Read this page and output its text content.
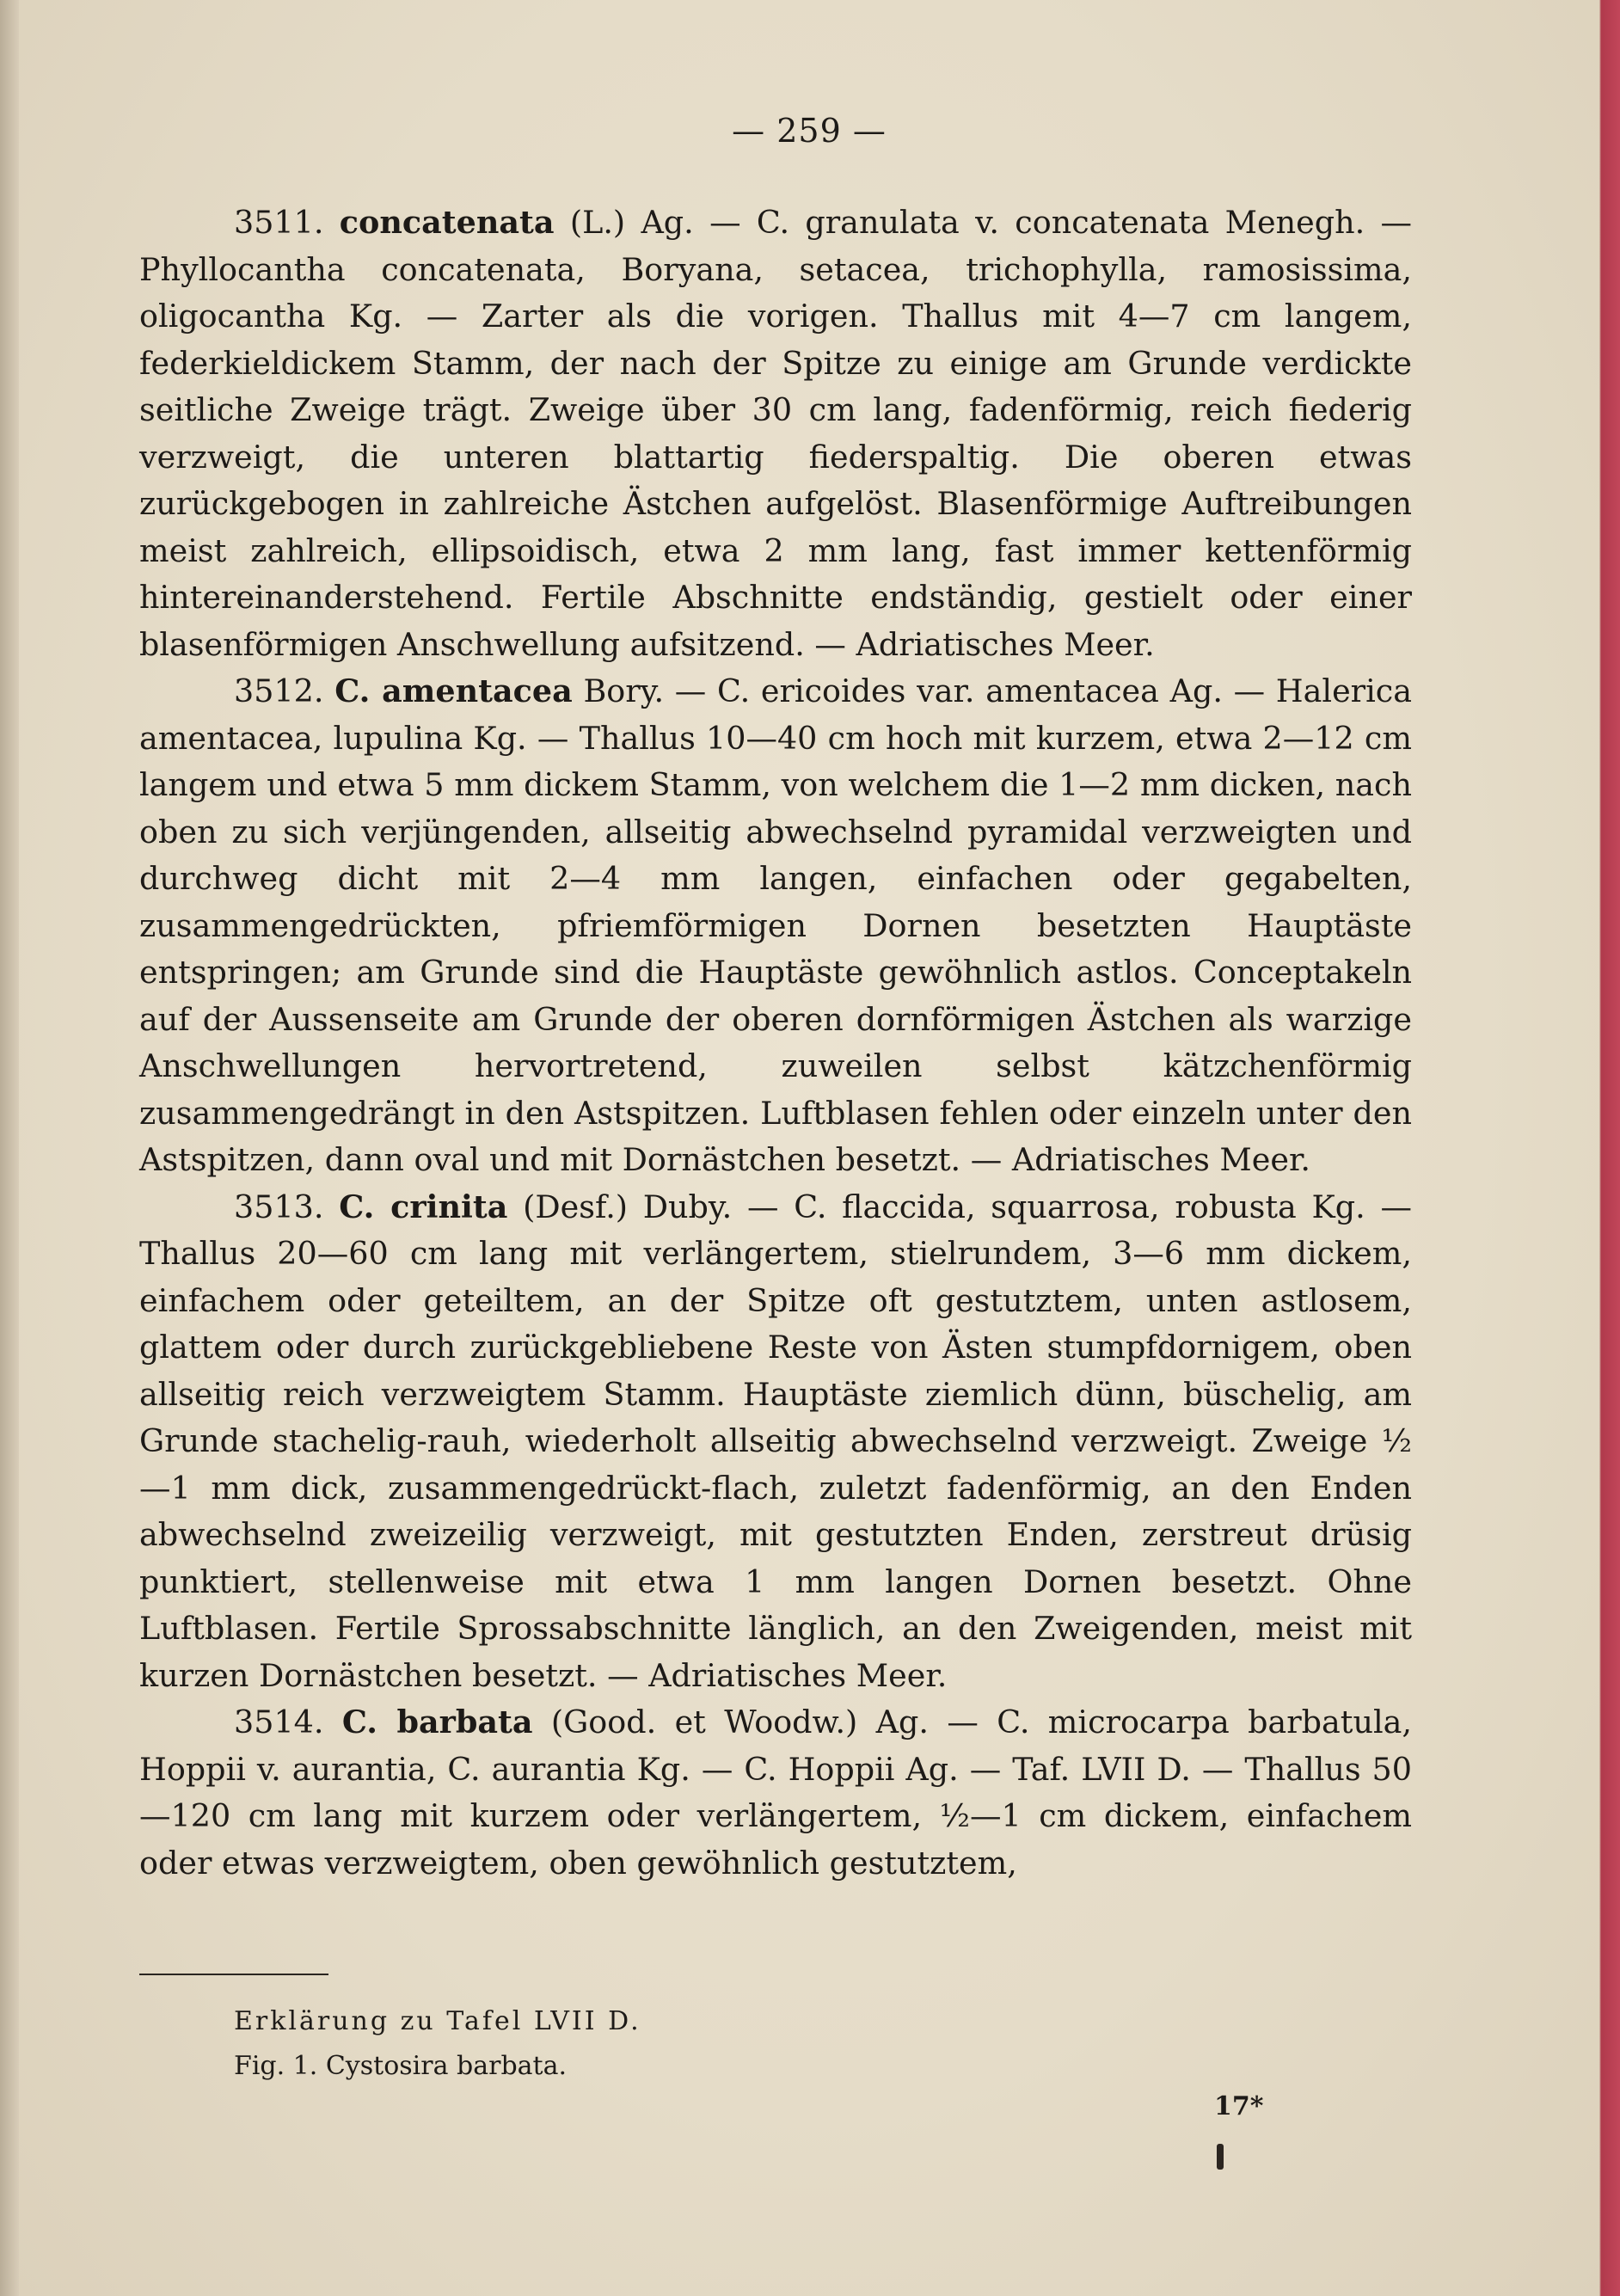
— 259 —

3511. concatenata (L.) Ag. — C. granulata v. concatenata Menegh. — Phyllocantha concatenata, Boryana, setacea, trichophylla, ramosissima, oligocantha Kg. — Zarter als die vorigen. Thallus mit 4—7 cm langem, federkieldickem Stamm, der nach der Spitze zu einige am Grunde verdickte seitliche Zweige trägt. Zweige über 30 cm lang, fadenförmig, reich fiederig verzweigt, die unteren blattartig fiederspaltig. Die oberen etwas zurückgebogen in zahlreiche Ästchen aufgelöst. Blasenförmige Auftreibungen meist zahlreich, ellipsoidisch, etwa 2 mm lang, fast immer kettenförmig hintereinanderstehend. Fertile Abschnitte endständig, gestielt oder einer blasenförmigen Anschwellung aufsitzend. — Adriatisches Meer.

3512. C. amentacea Bory. — C. ericoides var. amentacea Ag. — Halerica amentacea, lupulina Kg. — Thallus 10—40 cm hoch mit kurzem, etwa 2—12 cm langem und etwa 5 mm dickem Stamm, von welchem die 1—2 mm dicken, nach oben zu sich verjüngenden, allseitig abwechselnd pyramidal verzweigten und durchweg dicht mit 2—4 mm langen, einfachen oder gegabelten, zusammengedrückten, pfriemförmigen Dornen besetzten Hauptäste entspringen; am Grunde sind die Hauptäste gewöhnlich astlos. Conceptakeln auf der Aussenseite am Grunde der oberen dornförmigen Ästchen als warzige Anschwellungen hervortretend, zuweilen selbst kätzchenförmig zusammengedrängt in den Astspitzen. Luftblasen fehlen oder einzeln unter den Astspitzen, dann oval und mit Dornästchen besetzt. — Adriatisches Meer.

3513. C. crinita (Desf.) Duby. — C. flaccida, squarrosa, robusta Kg. — Thallus 20—60 cm lang mit verlängertem, stielrundem, 3—6 mm dickem, einfachem oder geteiltem, an der Spitze oft gestutztem, unten astlosem, glattem oder durch zurückgebliebene Reste von Ästen stumpfdornigem, oben allseitig reich verzweigtem Stamm. Hauptäste ziemlich dünn, büschelig, am Grunde stachelig-rauh, wiederholt allseitig abwechselnd verzweigt. Zweige ½—1 mm dick, zusammengedrückt-flach, zuletzt fadenförmig, an den Enden abwechselnd zweizeilig verzweigt, mit gestutzten Enden, zerstreut drüsig punktiert, stellenweise mit etwa 1 mm langen Dornen besetzt. Ohne Luftblasen. Fertile Sprossabschnitte länglich, an den Zweigenden, meist mit kurzen Dornästchen besetzt. — Adriatisches Meer.

3514. C. barbata (Good. et Woodw.) Ag. — C. microcarpa barbatula, Hoppii v. aurantia, C. aurantia Kg. — C. Hoppii Ag. — Taf. LVII D. — Thallus 50—120 cm lang mit kurzem oder verlängertem, ½—1 cm dickem, einfachem oder etwas verzweigtem, oben gewöhnlich gestutztem,

Erklärung zu Tafel LVII D.
Fig. 1. Cystosira barbata.
17*
